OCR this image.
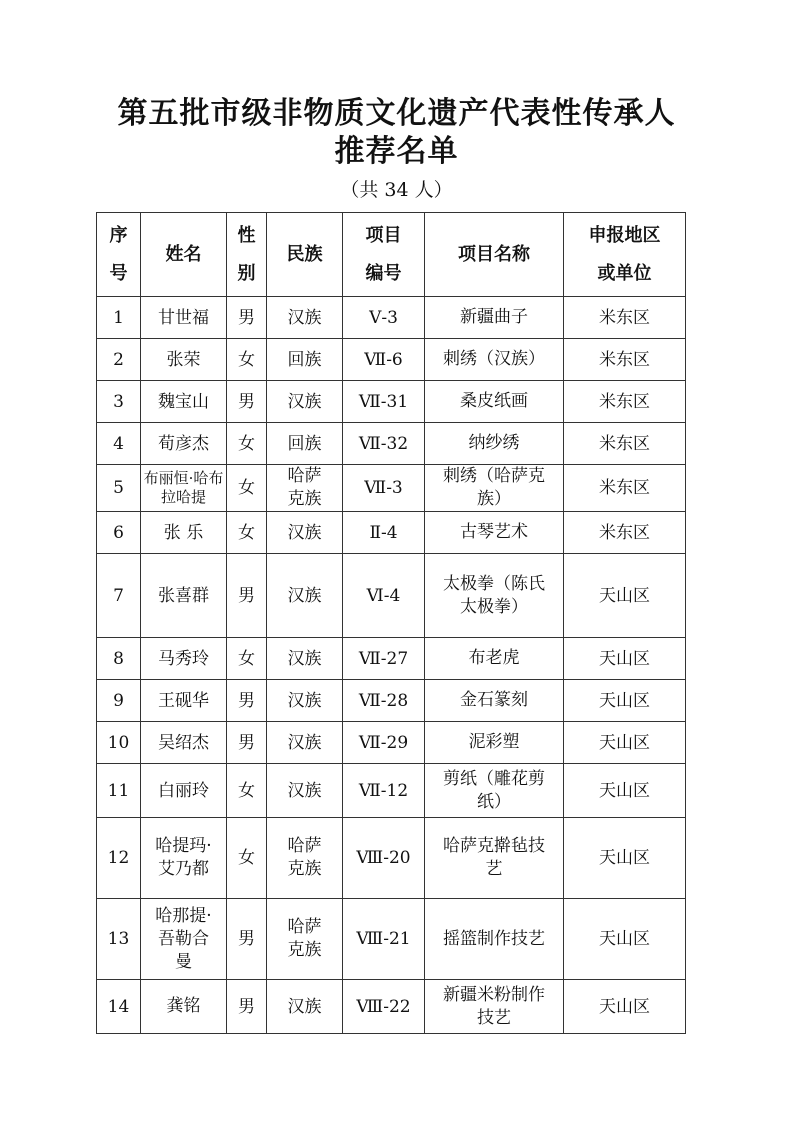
第五批市级非物质文化遗产代表性传承人
推荐名单
（共 34 人）
序号	姓名	性别	民族	项目编号	项目名称	申报地区或单位

1	甘世福	男	汉族	Ⅴ-3	新疆曲子	米东区
2	张荣	女	回族	Ⅶ-6	刺绣（汉族）	米东区
3	魏宝山	男	汉族	Ⅶ-31	桑皮纸画	米东区
4	荀彦杰	女	回族	Ⅶ-32	纳纱绣	米东区
5	布丽恒·哈布拉哈提	女	哈萨克族	Ⅶ-3	刺绣（哈萨克族）	米东区
6	张 乐	女	汉族	Ⅱ-4	古琴艺术	米东区
7	张喜群	男	汉族	Ⅵ-4	太极拳（陈氏太极拳）	天山区
8	马秀玲	女	汉族	Ⅶ-27	布老虎	天山区
9	王砚华	男	汉族	Ⅶ-28	金石篆刻	天山区
10	吴绍杰	男	汉族	Ⅶ-29	泥彩塑	天山区
11	白丽玲	女	汉族	Ⅶ-12	剪纸（雕花剪纸）	天山区
12	哈提玛·艾乃都	女	哈萨克族	Ⅷ-20	哈萨克擀毡技艺	天山区
13	哈那提·吾勒合曼	男	哈萨克族	Ⅷ-21	摇篮制作技艺	天山区
14	龚铭	男	汉族	Ⅷ-22	新疆米粉制作技艺	天山区
